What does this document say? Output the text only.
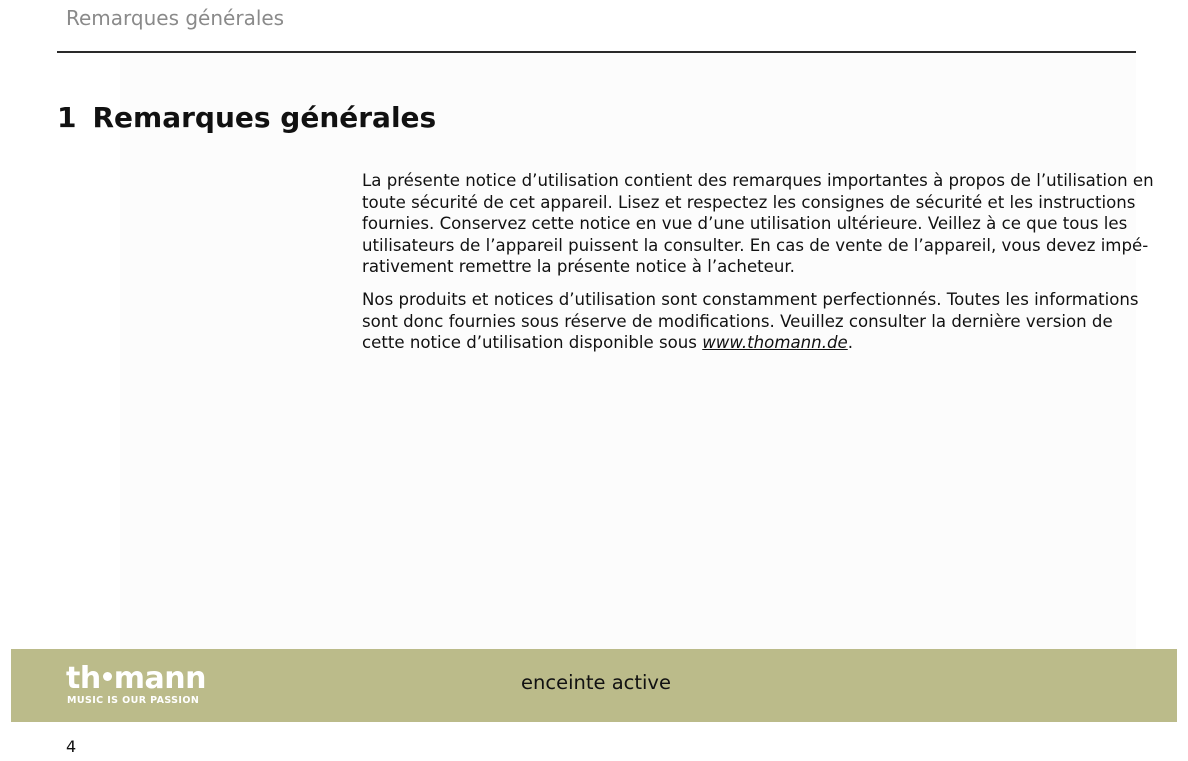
Remarques générales
1 Remarques générales

La présente notice d’utilisation contient des remarques importantes à propos de l’utilisation en
toute sécurité de cet appareil. Lisez et respectez les consignes de sécurité et les instructions
fournies. Conservez cette notice en vue d’une utilisation ultérieure. Veillez à ce que tous les
utilisateurs de l’appareil puissent la consulter. En cas de vente de l’appareil, vous devez impé-
rativement remettre la présente notice à l’acheteur.

Nos produits et notices d’utilisation sont constamment perfectionnés. Toutes les informations
sont donc fournies sous réserve de modifications. Veuillez consulter la dernière version de
cette notice d’utilisation disponible sous www.thomann.de.

th mann
MUSIC IS OUR PASSION
enceinte active
4
